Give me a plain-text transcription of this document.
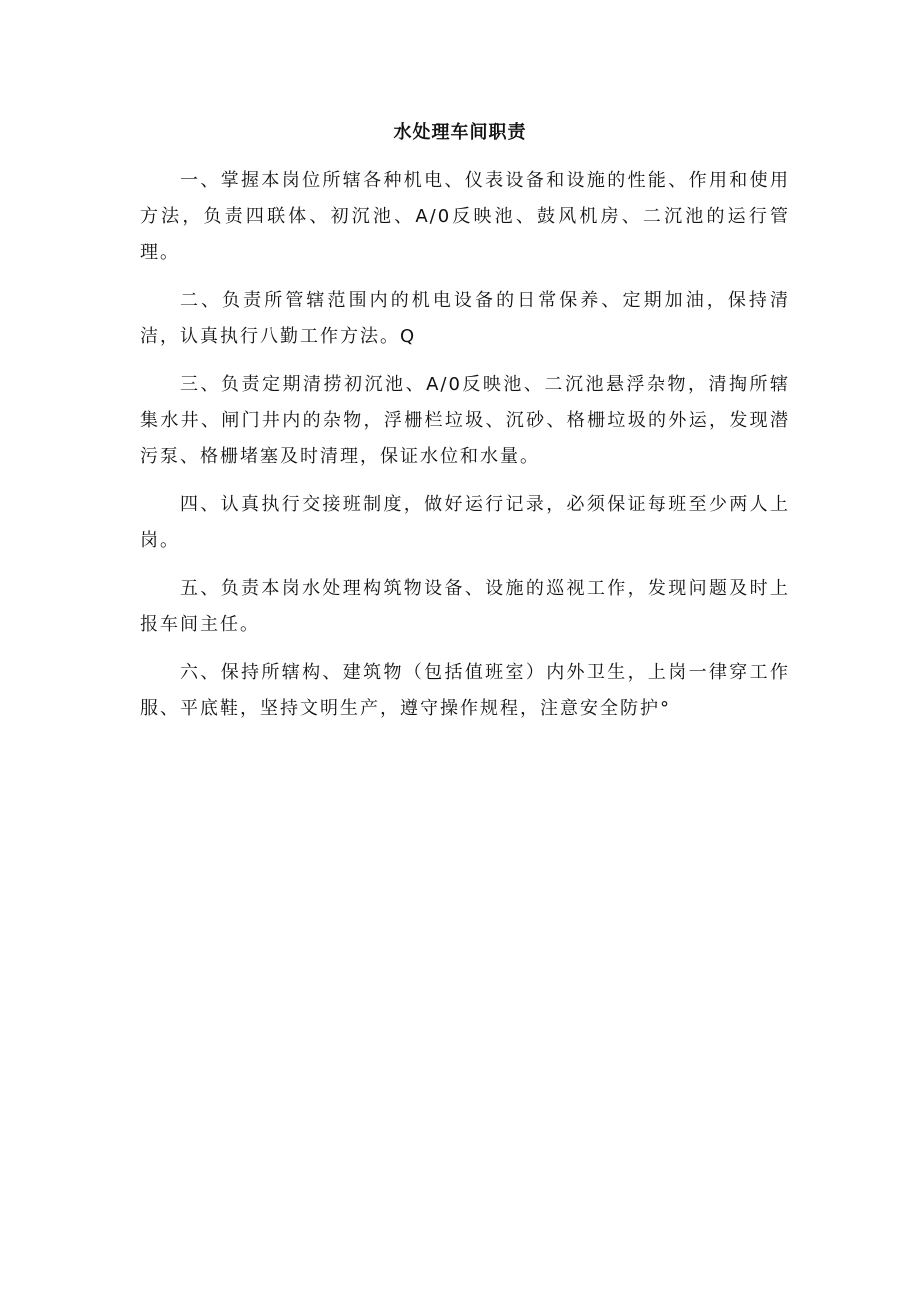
水处理车间职责

一、掌握本岗位所辖各种机电、仪表设备和设施的性能、作用和使用方法，负责四联体、初沉池、A/0反映池、鼓风机房、二沉池的运行管理。

二、负责所管辖范围内的机电设备的日常保养、定期加油，保持清洁，认真执行八勤工作方法。Q

三、负责定期清捞初沉池、A/0反映池、二沉池悬浮杂物，清掏所辖集水井、闸门井内的杂物，浮栅栏垃圾、沉砂、格栅垃圾的外运，发现潜污泵、格栅堵塞及时清理，保证水位和水量。

四、认真执行交接班制度，做好运行记录，必须保证每班至少两人上岗。

五、负责本岗水处理构筑物设备、设施的巡视工作，发现问题及时上报车间主任。

六、保持所辖构、建筑物（包括值班室）内外卫生，上岗一律穿工作服、平底鞋，坚持文明生产，遵守操作规程，注意安全防护°
